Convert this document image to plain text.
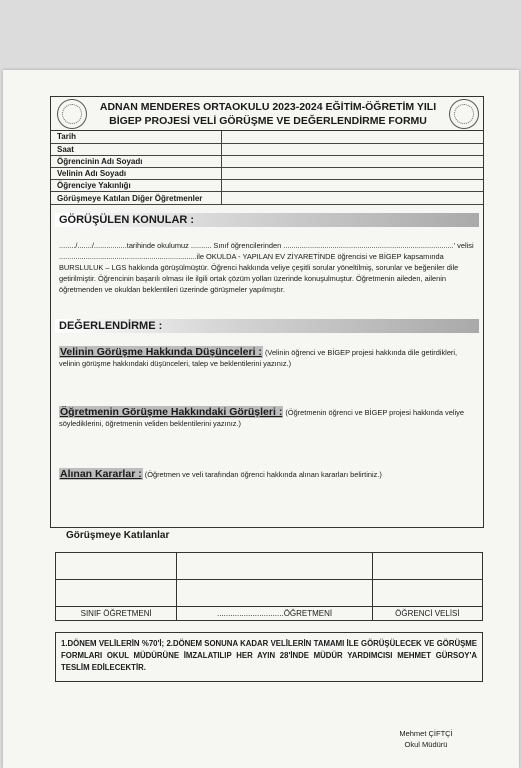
ADNAN MENDERES ORTAOKULU 2023-2024 EĞİTİM-ÖĞRETİM YILI
BİGEP PROJESİ VELİ GÖRÜŞME VE DEĞERLENDİRME FORMU
Tarih	
Saat	
Öğrencinin Adı Soyadı	
Velinin Adı Soyadı	
Öğrenciye Yakınlığı	
Görüşmeye Katılan Diğer Öğretmenler	
GÖRÜŞÜLEN KONULAR :
......../......./................tarihinde okulumuz .......... Sınıf öğrencilerinden ...................................................................................' velisi ...................................................................ile OKULDA - YAPILAN EV ZİYARETİNDE öğrencisi ve BİGEP kapsamında BURSLULUK – LGS hakkında görüşülmüştür. Öğrenci hakkında veliye çeşitli sorular yöneltilmiş, sorunlar ve beğeniler dile getirilmiştir. Öğrencinin başarılı olması ile ilgili ortak çözüm yolları üzerinde konuşulmuştur. Öğretmenin aileden, ailenin öğretmenden ve okuldan beklentileri üzerinde görüşmeler yapılmıştır.
DEĞERLENDİRME :
Velinin Görüşme Hakkında Düşünceleri : (Velinin öğrenci ve BİGEP projesi hakkında dile getirdikleri, velinin görüşme hakkındaki düşünceleri, talep ve beklentilerini yazınız.)
Öğretmenin Görüşme Hakkındaki Görüşleri : (Öğretmenin öğrenci ve BİGEP projesi hakkında veliye söylediklerini, öğretmenin veliden beklentilerini yazınız.)
Alınan Kararlar : (Öğretmen ve veli tarafından öğrenci hakkında alınan kararları belirtiniz.)
Görüşmeye Katılanlar

SINIF ÖĞRETMENİ	..............................ÖĞRETMENİ	ÖĞRENCİ VELİSİ
1.DÖNEM VELİLERİN %70'İ; 2.DÖNEM SONUNA KADAR VELİLERİN TAMAMI İLE GÖRÜŞÜLECEK VE GÖRÜŞME FORMLARI OKUL MÜDÜRÜNE İMZALATILIP HER AYIN 28'İNDE MÜDÜR YARDIMCISI MEHMET GÜRSOY'A TESLİM EDİLECEKTİR.
Mehmet ÇİFTÇİ
Okul Müdürü
